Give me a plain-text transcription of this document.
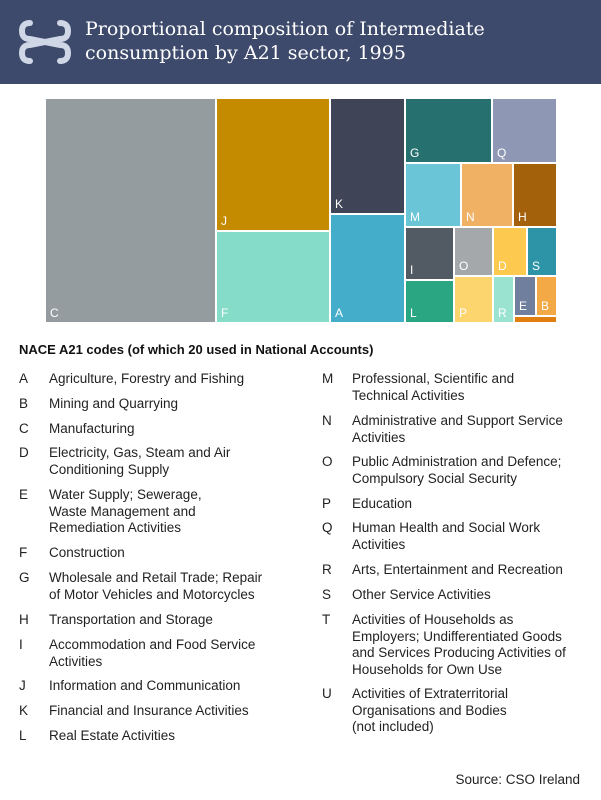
Proportional composition of Intermediate consumption by A21 sector, 1995
C
J
F
K
A
G	Q
M	N	H
I	O D S
L	P	R E B
NACE A21 codes (of which 20 used in National Accounts)
A	Agriculture, Forestry and Fishing
B	Mining and Quarrying
C	Manufacturing
D	Electricity, Gas, Steam and Air
Conditioning Supply
E	Water Supply; Sewerage,
Waste Management and
Remediation Activities
F	Construction
G	Wholesale and Retail Trade; Repair
of Motor Vehicles and Motorcycles
H	Transportation and Storage
I	Accommodation and Food Service
Activities
J	Information and Communication
K	Financial and Insurance Activities
L	Real Estate Activities
M	Professional, Scientific and
Technical Activities
N	Administrative and Support Service
Activities
O	Public Administration and Defence;
Compulsory Social Security
P	Education
Q	Human Health and Social Work
Activities
R	Arts, Entertainment and Recreation
S	Other Service Activities
T	Activities of Households as
Employers; Undifferentiated Goods
and Services Producing Activities of
Households for Own Use
U	Activities of Extraterritorial
Organisations and Bodies
(not included)
Source: CSO Ireland
